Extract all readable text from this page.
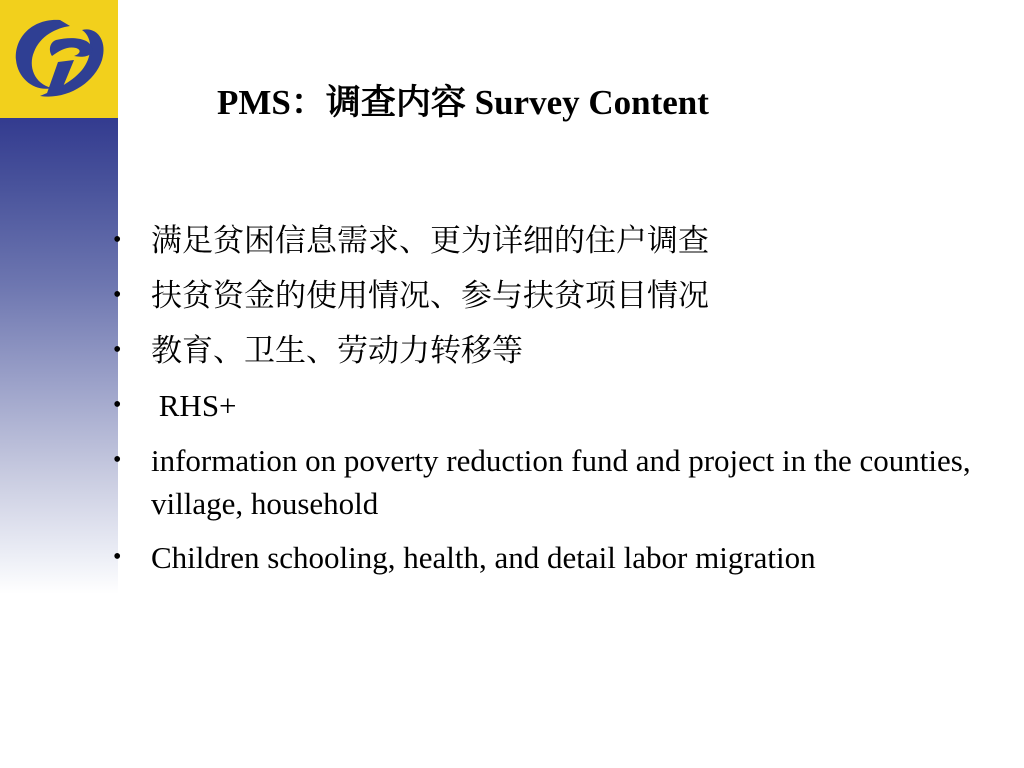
PMS：调查内容 Survey Content
• 满足贫困信息需求、更为详细的住户调查
• 扶贫资金的使用情况、参与扶贫项目情况
• 教育、卫生、劳动力转移等
• RHS+
• information on poverty reduction fund and project in the counties, village, household
• Children schooling, health, and detail labor migration
